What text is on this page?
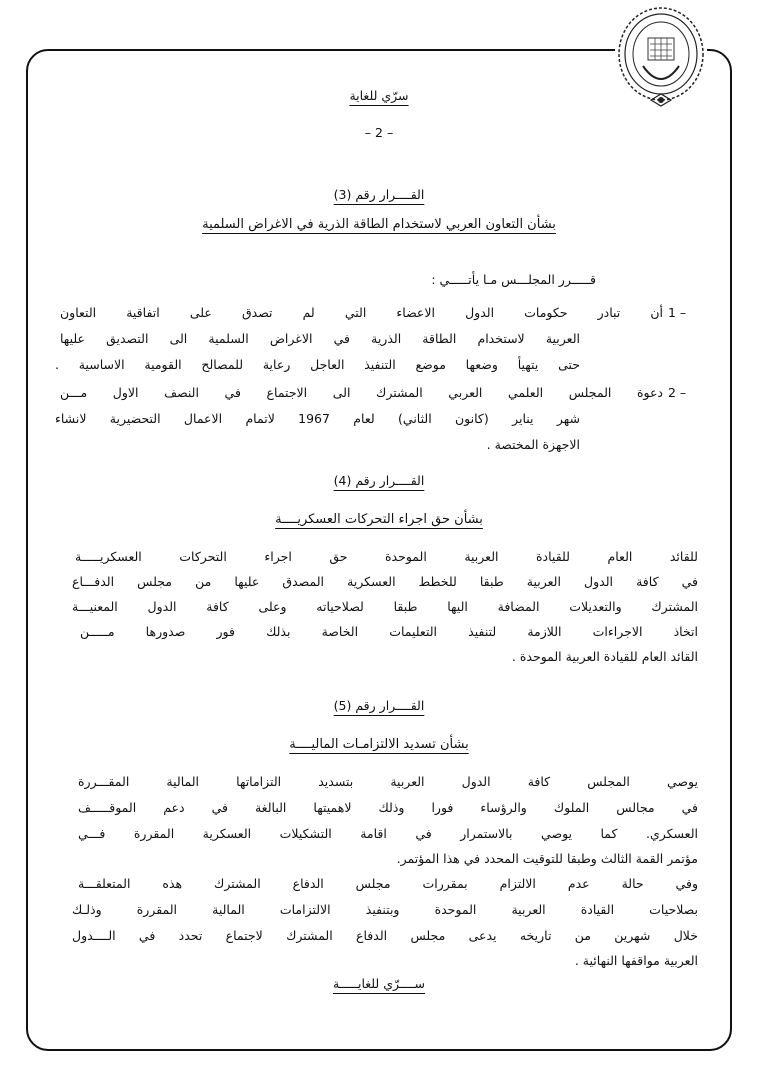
سرّي للغاية
– 2 –
القــــرار رقم (3)
بشأن التعاون العربي لاستخدام الطاقة الذرية في الاغراض السلمية
قـــــرر المجلـــس مـا يأتـــــي :
1 –
أن تبادر حكومات الدول الاعضاء التي لم تصدق على اتفاقية التعاون
العربية لاستخدام الطاقة الذرية في الاغراض السلمية الى التصديق عليها
حتى يتهيأ وضعها موضع التنفيذ العاجل رعاية للمصالح القومية الاساسية .
2 –
دعوة المجلس العلمي العربي المشترك الى الاجتماع في النصف الاول مـــن
شهر يناير (كانون الثاني) لعام 1967 لاتمام الاعمال التحضيرية لانشاء
الاجهزة المختصة .
القــــرار رقم (4)
بشأن حق اجراء التحركات العسكريــــة
للقائد العام للقيادة العربية الموحدة حق اجراء التحركات العسكريـــــة
في كافة الدول العربية طبقا للخطط العسكرية المصدق عليها من مجلس الدفـــاع
المشترك والتعديلات المضافة اليها طبقا لصلاحياته وعلى كافة الدول المعنيـــة
اتخاذ الاجراءات اللازمة لتنفيذ التعليمات الخاصة بذلك فور صدورها مـــــن
القائد العام للقيادة العربية الموحدة .
القــــرار رقم (5)
بشأن تسديد الالتزامـات الماليــــة
يوصي المجلس كافة الدول العربية بتسديد التزاماتها المالية المقـــررة
في مجالس الملوك والرؤساء فورا وذلك لاهميتها البالغة في دعم الموقـــــف
العسكري. كما يوصي بالاستمرار في اقامة التشكيلات العسكرية المقررة فـــي
مؤتمر القمة الثالث وطبقا للتوقيت المحدد في هذا المؤتمر.
وفي حالة عدم الالتزام بمقررات مجلس الدفاع المشترك هذه المتعلقـــة
بصلاحيات القيادة العربية الموحدة وبتنفيذ الالتزامات المالية المقررة وذلـك
خلال شهرين من تاريخه يدعى مجلس الدفاع المشترك لاجتماع تحدد في الــــدول
العربية مواقفها النهائية .
ســــرّي للغايـــــة
